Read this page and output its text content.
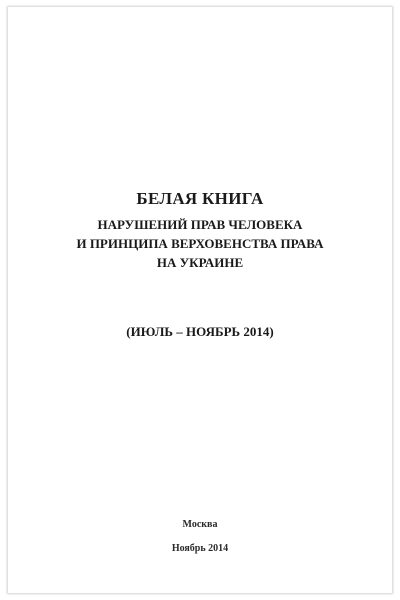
БЕЛАЯ КНИГА
НАРУШЕНИЙ ПРАВ ЧЕЛОВЕКА
И ПРИНЦИПА ВЕРХОВЕНСТВА ПРАВА
НА УКРАИНЕ
(ИЮЛЬ – НОЯБРЬ 2014)
Москва
Ноябрь 2014
